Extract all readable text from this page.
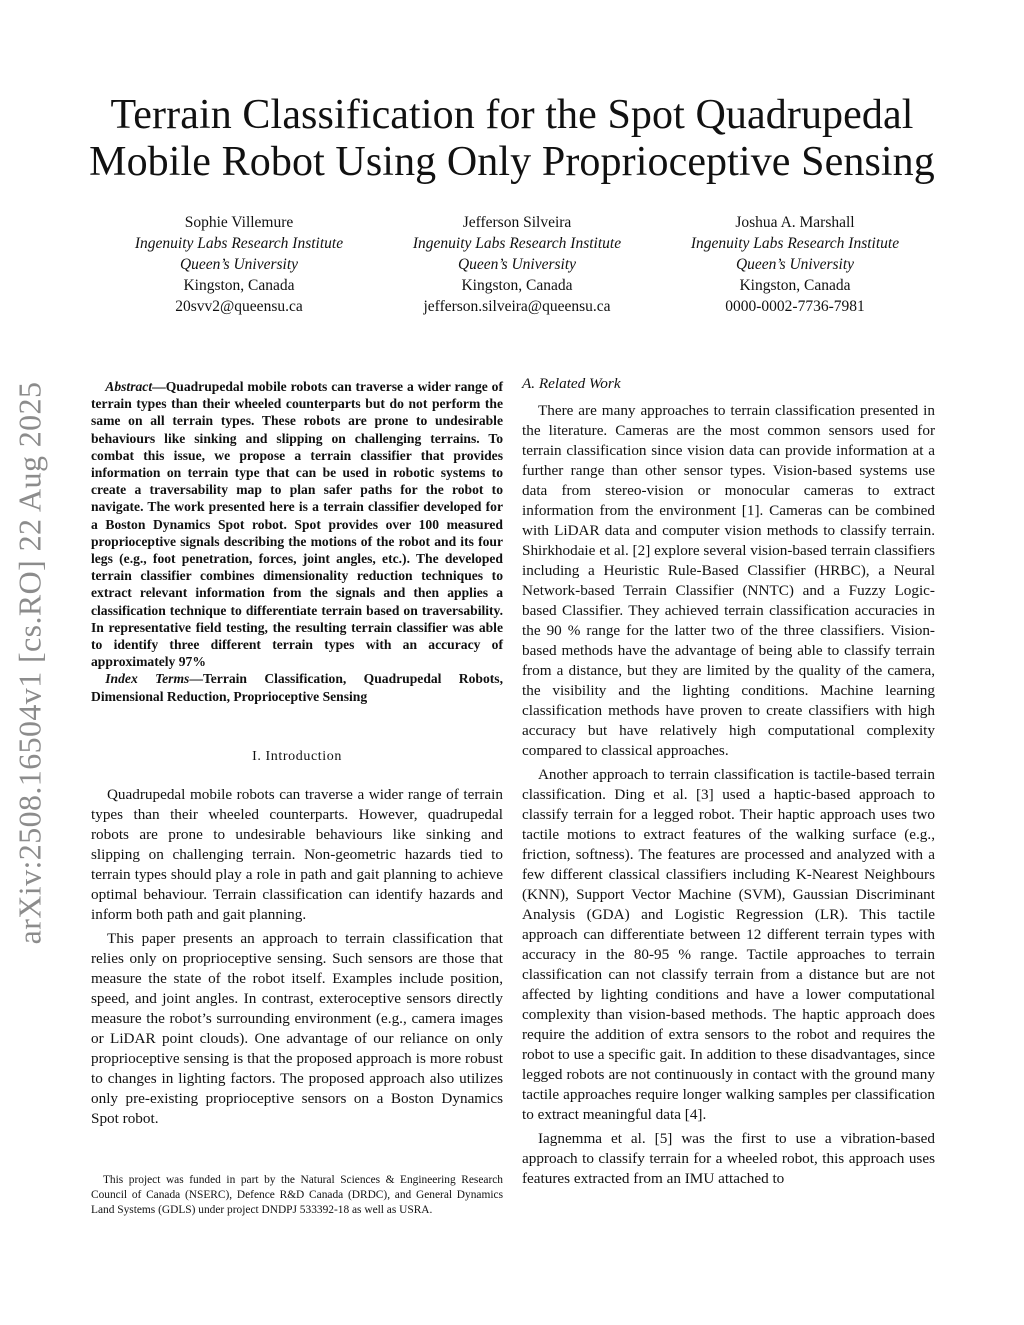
Terrain Classification for the Spot Quadrupedal
Mobile Robot Using Only Proprioceptive Sensing
Sophie Villemure
Ingenuity Labs Research Institute
Queen’s University
Kingston, Canada
20svv2@queensu.ca
Jefferson Silveira
Ingenuity Labs Research Institute
Queen’s University
Kingston, Canada
jefferson.silveira@queensu.ca
Joshua A. Marshall
Ingenuity Labs Research Institute
Queen’s University
Kingston, Canada
0000-0002-7736-7981
arXiv:2508.16504v1 [cs.RO] 22 Aug 2025	Abstract—Quadrupedal mobile robots can traverse a wider range of terrain types than their wheeled counterparts but do not perform the same on all terrain types. These robots are prone to undesirable behaviours like sinking and slipping on challenging terrains. To combat this issue, we propose a terrain classifier that provides information on terrain type that can be used in robotic systems to create a traversability map to plan safer paths for the robot to navigate. The work presented here is a terrain classifier developed for a Boston Dynamics Spot robot. Spot provides over 100 measured proprioceptive signals describing the motions of the robot and its four legs (e.g., foot penetration, forces, joint angles, etc.). The developed terrain classifier combines dimensionality reduction techniques to extract relevant information from the signals and then applies a classification technique to differentiate terrain based on traversability. In representative field testing, the resulting terrain classifier was able to identify three different terrain types with an accuracy of approximately 97%

Index Terms—Terrain Classification, Quadrupedal Robots, Dimensional Reduction, Proprioceptive Sensing

I. Introduction

Quadrupedal mobile robots can traverse a wider range of terrain types than their wheeled counterparts. However, quadrupedal robots are prone to undesirable behaviours like sinking and slipping on challenging terrain. Non-geometric hazards tied to terrain types should play a role in path and gait planning to achieve optimal behaviour. Terrain classification can identify hazards and inform both path and gait planning.

This paper presents an approach to terrain classification that relies only on proprioceptive sensing. Such sensors are those that measure the state of the robot itself. Examples include position, speed, and joint angles. In contrast, exteroceptive sensors directly measure the robot’s surrounding environment (e.g., camera images or LiDAR point clouds). One advantage of our reliance on only proprioceptive sensing is that the proposed approach is more robust to changes in lighting factors. The proposed approach also utilizes only pre-existing proprioceptive sensors on a Boston Dynamics Spot robot.

This project was funded in part by the Natural Sciences & Engineering Research Council of Canada (NSERC), Defence R&D Canada (DRDC), and General Dynamics Land Systems (GDLS) under project DNDPJ 533392-18 as well as USRA.

A. Related Work

There are many approaches to terrain classification presented in the literature. Cameras are the most common sensors used for terrain classification since vision data can provide information at a further range than other sensor types. Vision-based systems use data from stereo-vision or monocular cameras to extract information from the environment [1]. Cameras can be combined with LiDAR data and computer vision methods to classify terrain. Shirkhodaie et al. [2] explore several vision-based terrain classifiers including a Heuristic Rule-Based Classifier (HRBC), a Neural Network-based Terrain Classifier (NNTC) and a Fuzzy Logic-based Classifier. They achieved terrain classification accuracies in the 90 % range for the latter two of the three classifiers. Vision-based methods have the advantage of being able to classify terrain from a distance, but they are limited by the quality of the camera, the visibility and the lighting conditions. Machine learning classification methods have proven to create classifiers with high accuracy but have relatively high computational complexity compared to classical approaches.

Another approach to terrain classification is tactile-based terrain classification. Ding et al. [3] used a haptic-based approach to classify terrain for a legged robot. Their haptic approach uses two tactile motions to extract features of the walking surface (e.g., friction, softness). The features are processed and analyzed with a few different classical classifiers including K-Nearest Neighbours (KNN), Support Vector Machine (SVM), Gaussian Discriminant Analysis (GDA) and Logistic Regression (LR). This tactile approach can differentiate between 12 different terrain types with accuracy in the 80-95 % range. Tactile approaches to terrain classification can not classify terrain from a distance but are not affected by lighting conditions and have a lower computational complexity than vision-based methods. The haptic approach does require the addition of extra sensors to the robot and requires the robot to use a specific gait. In addition to these disadvantages, since legged robots are not continuously in contact with the ground many tactile approaches require longer walking samples per classification to extract meaningful data [4].

Iagnemma et al. [5] was the first to use a vibration-based approach to classify terrain for a wheeled robot, this approach uses features extracted from an IMU attached to
